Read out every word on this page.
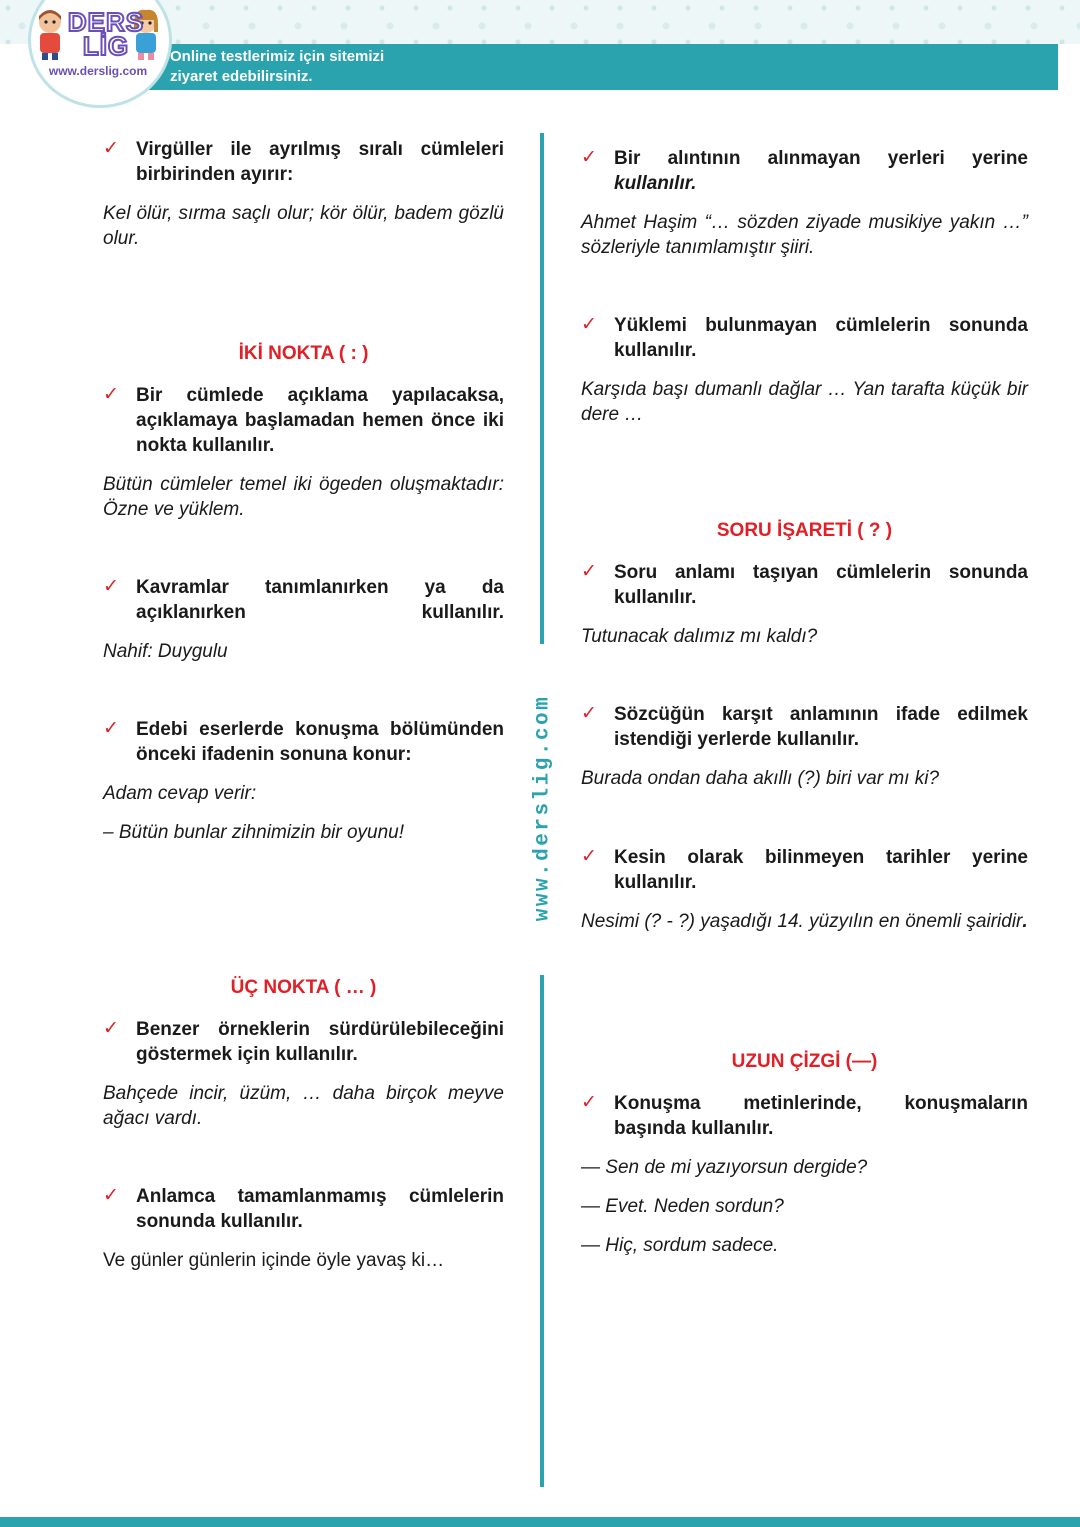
Online testlerimiz için sitemizi
ziyaret edebilirsiniz.
DERS LİG
www.derslig.com
www.derslig.com
✓ Virgüller ile ayrılmış sıralı cümleleri birbirinden ayırır:
Kel ölür, sırma saçlı olur; kör ölür, badem gözlü olur.
İKİ NOKTA ( : )
✓ Bir cümlede açıklama yapılacaksa, açıklamaya başlamadan hemen önce iki nokta kullanılır.
Bütün cümleler temel iki ögeden oluşmaktadır: Özne ve yüklem.
✓ Kavramlar tanımlanırken ya da açıklanırken kullanılır.
Nahif: Duygulu
✓ Edebi eserlerde konuşma bölümünden önceki ifadenin sonuna konur:
Adam cevap verir:
– Bütün bunlar zihnimizin bir oyunu!
ÜÇ NOKTA ( … )
✓ Benzer örneklerin sürdürülebileceğini göstermek için kullanılır.
Bahçede incir, üzüm, … daha birçok meyve ağacı vardı.
✓ Anlamca tamamlanmamış cümlelerin sonunda kullanılır.
Ve günler günlerin içinde öyle yavaş ki…
✓ Bir alıntının alınmayan yerleri yerine
kullanılır.
Ahmet Haşim “… sözden ziyade musikiye yakın …” sözleriyle tanımlamıştır şiiri.
✓ Yüklemi bulunmayan cümlelerin sonunda kullanılır.
Karşıda başı dumanlı dağlar … Yan tarafta küçük bir dere …
SORU İŞARETİ ( ? )
✓ Soru anlamı taşıyan cümlelerin sonunda kullanılır.
Tutunacak dalımız mı kaldı?
✓ Sözcüğün karşıt anlamının ifade edilmek istendiği yerlerde kullanılır.
Burada ondan daha akıllı (?) biri var mı ki?
✓ Kesin olarak bilinmeyen tarihler yerine kullanılır.
Nesimi (? - ?) yaşadığı 14. yüzyılın en önemli şairidir.
UZUN ÇİZGİ (—)
✓ Konuşma metinlerinde, konuşmaların başında kullanılır.
— Sen de mi yazıyorsun dergide?
— Evet. Neden sordun?
— Hiç, sordum sadece.
